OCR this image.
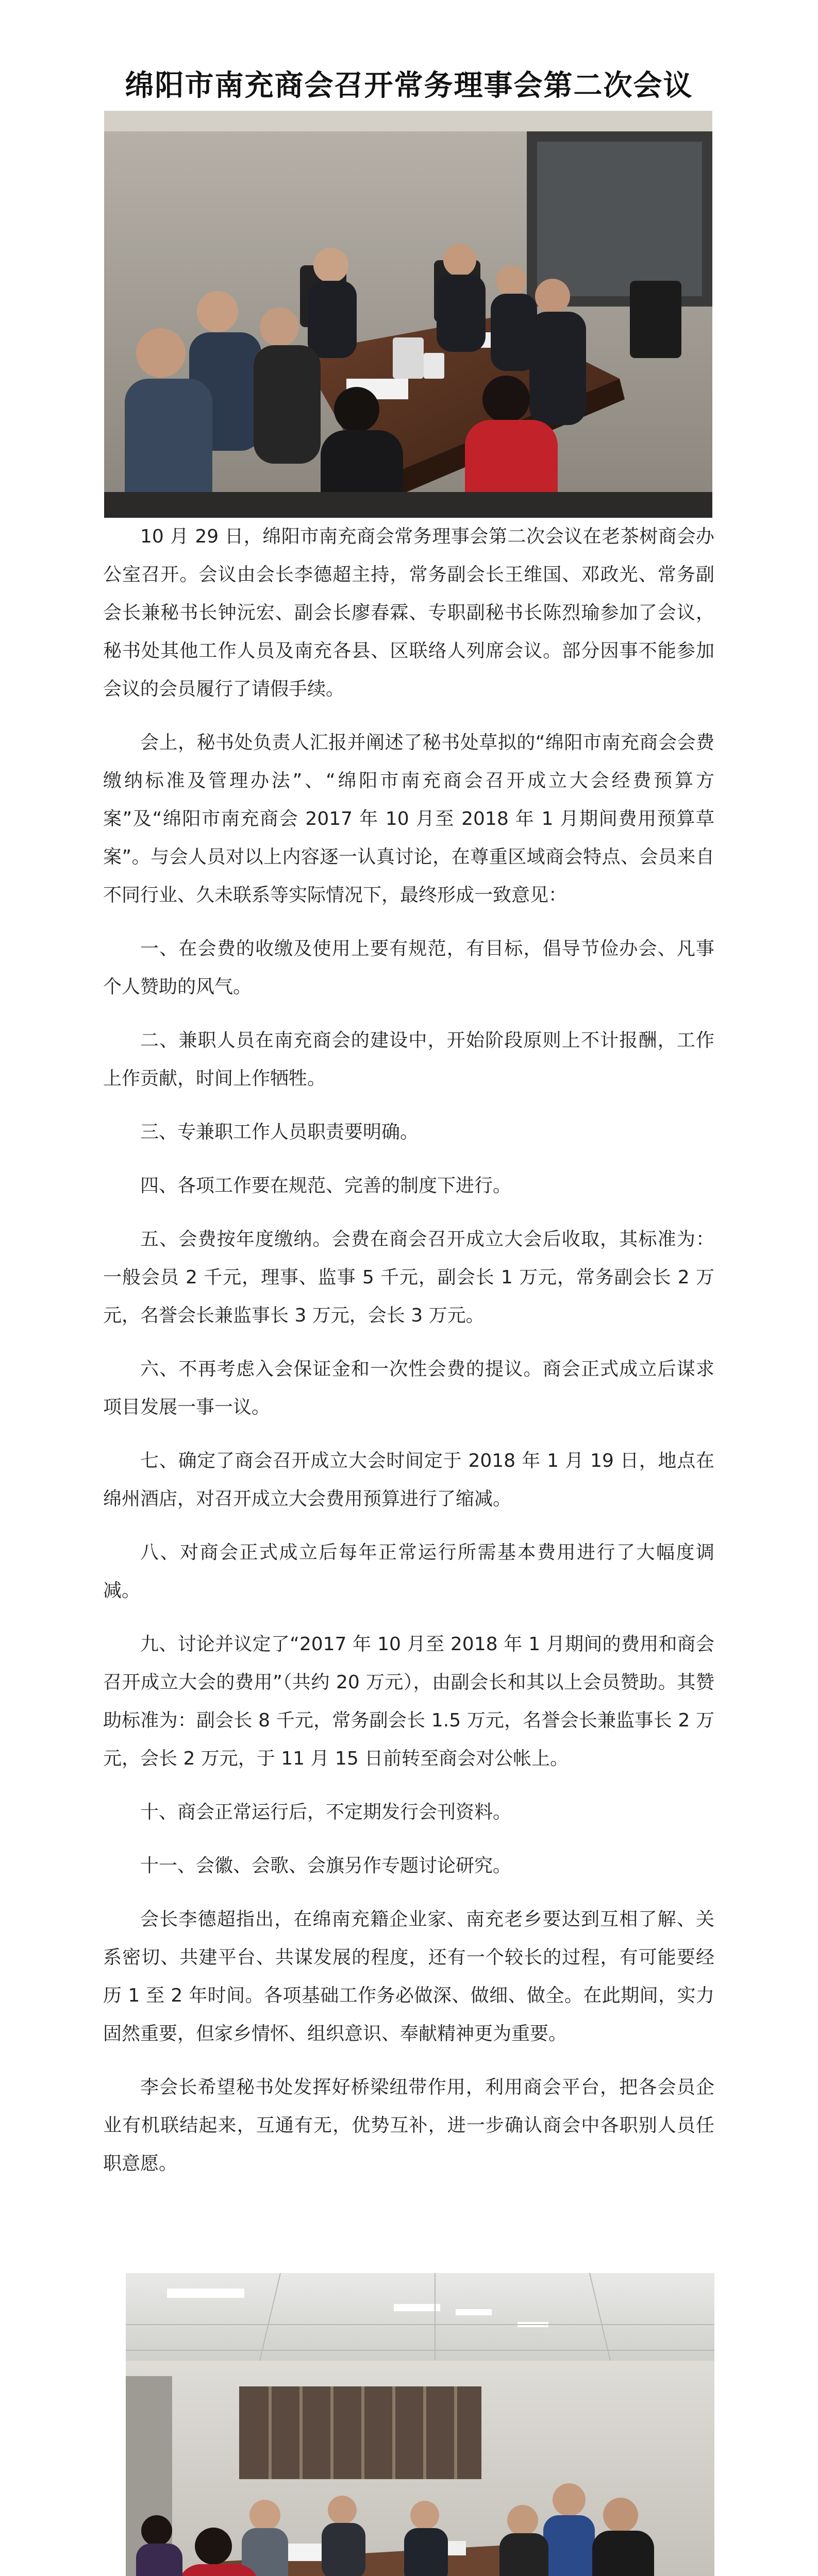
绵阳市南充商会召开常务理事会第二次会议

10 月 29 日，绵阳市南充商会常务理事会第二次会议在老茶树商会办公室召开。会议由会长李德超主持，常务副会长王维国、邓政光、常务副会长兼秘书长钟沅宏、副会长廖春霖、专职副秘书长陈烈瑜参加了会议，秘书处其他工作人员及南充各县、区联络人列席会议。部分因事不能参加会议的会员履行了请假手续。

会上，秘书处负责人汇报并阐述了秘书处草拟的“绵阳市南充商会会费缴纳标准及管理办法”、“绵阳市南充商会召开成立大会经费预算方案”及“绵阳市南充商会 2017 年 10 月至 2018 年 1 月期间费用预算草案”。与会人员对以上内容逐一认真讨论，在尊重区域商会特点、会员来自不同行业、久未联系等实际情况下，最终形成一致意见：

一、在会费的收缴及使用上要有规范，有目标，倡导节俭办会、凡事个人赞助的风气。

二、兼职人员在南充商会的建设中，开始阶段原则上不计报酬，工作上作贡献，时间上作牺牲。

三、专兼职工作人员职责要明确。

四、各项工作要在规范、完善的制度下进行。

五、会费按年度缴纳。会费在商会召开成立大会后收取，其标准为：一般会员 2 千元，理事、监事 5 千元，副会长 1 万元，常务副会长 2 万元，名誉会长兼监事长 3 万元，会长 3 万元。

六、不再考虑入会保证金和一次性会费的提议。商会正式成立后谋求项目发展一事一议。

七、确定了商会召开成立大会时间定于 2018 年 1 月 19 日，地点在绵州酒店，对召开成立大会费用预算进行了缩减。

八、对商会正式成立后每年正常运行所需基本费用进行了大幅度调减。

九、讨论并议定了“2017 年 10 月至 2018 年 1 月期间的费用和商会召开成立大会的费用”（共约 20 万元），由副会长和其以上会员赞助。其赞助标准为：副会长 8 千元，常务副会长 1.5 万元，名誉会长兼监事长 2 万元，会长 2 万元，于 11 月 15 日前转至商会对公帐上。

十、商会正常运行后，不定期发行会刊资料。

十一、会徽、会歌、会旗另作专题讨论研究。

会长李德超指出，在绵南充籍企业家、南充老乡要达到互相了解、关系密切、共建平台、共谋发展的程度，还有一个较长的过程，有可能要经历 1 至 2 年时间。各项基础工作务必做深、做细、做全。在此期间，实力固然重要，但家乡情怀、组织意识、奉献精神更为重要。

李会长希望秘书处发挥好桥梁纽带作用，利用商会平台，把各会员企业有机联结起来，互通有无，优势互补，进一步确认商会中各职别人员任职意愿。
